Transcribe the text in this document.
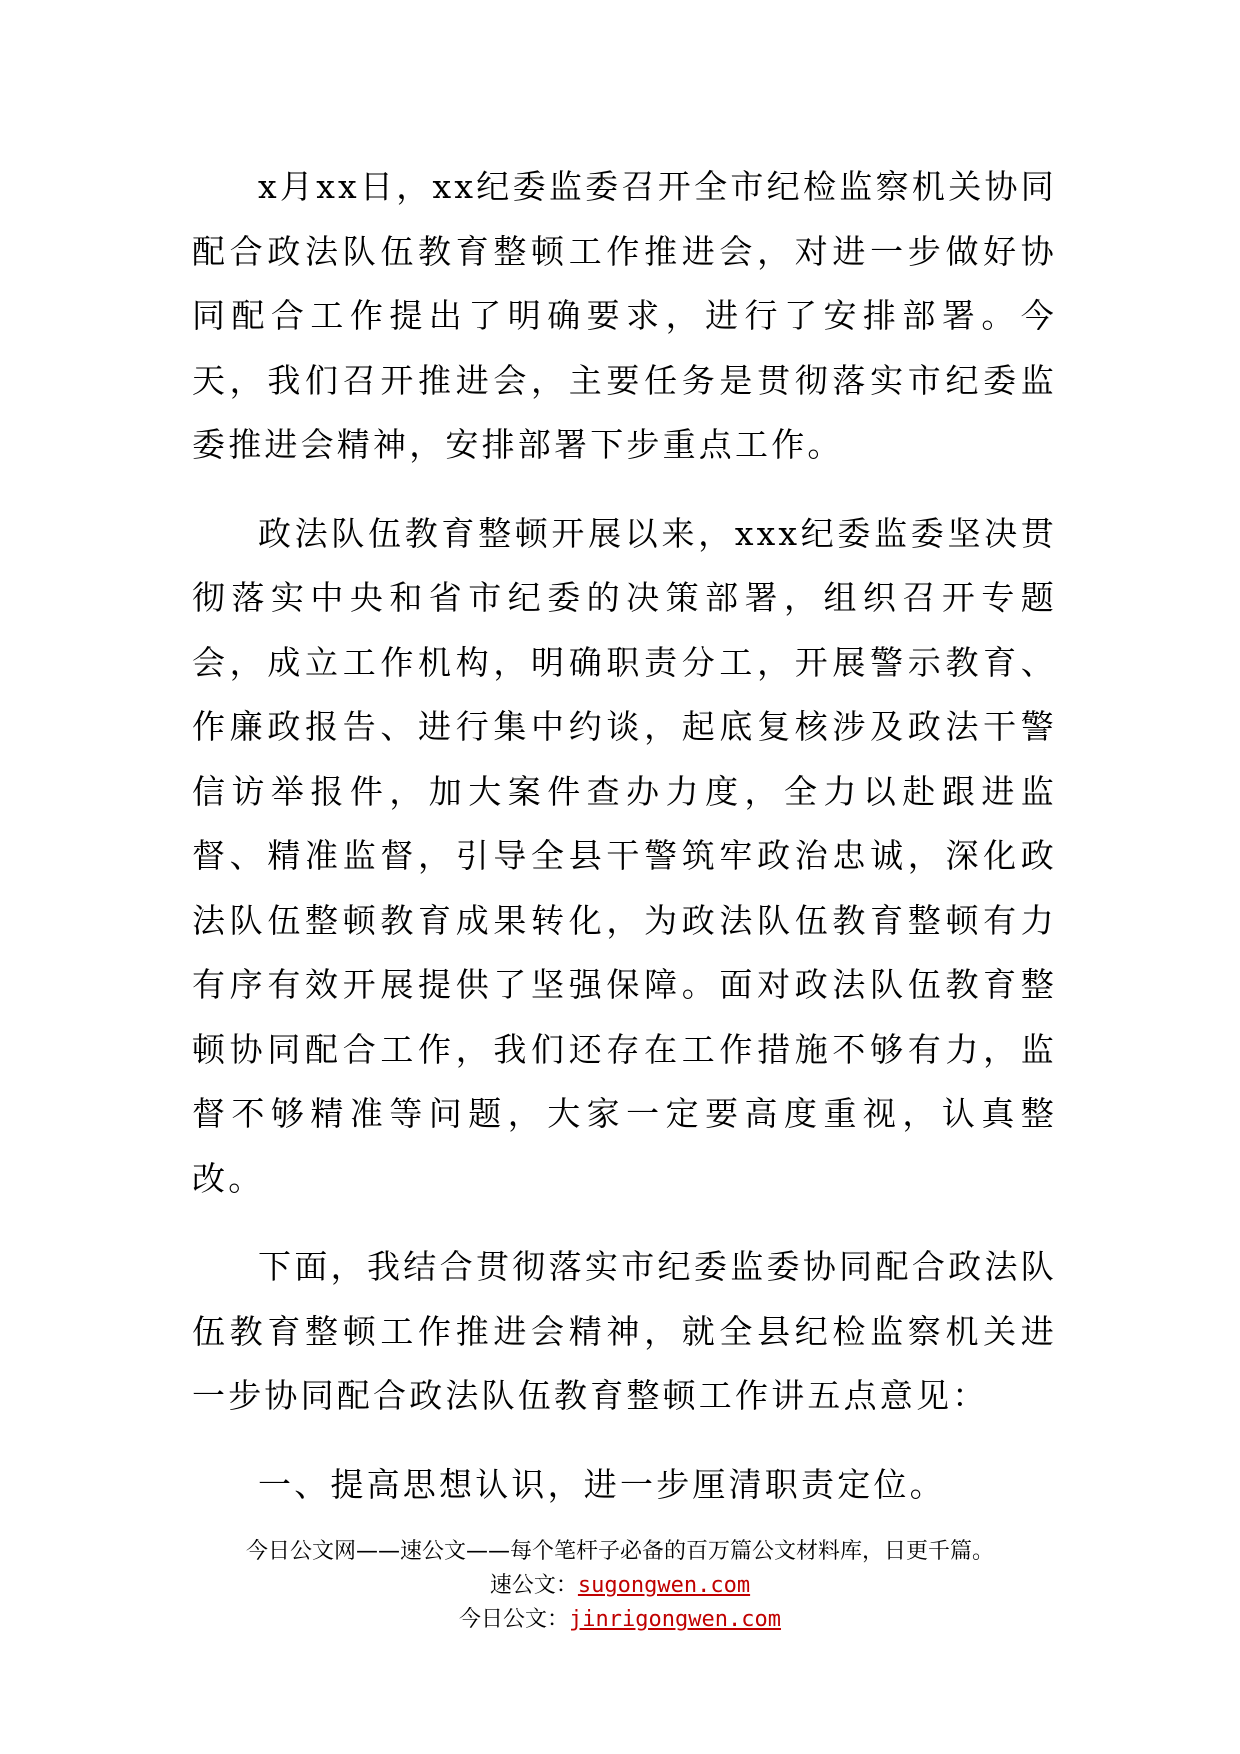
x月xx日，xx纪委监委召开全市纪检监察机关协同配合政法队伍教育整顿工作推进会，对进一步做好协同配合工作提出了明确要求，进行了安排部署。今天，我们召开推进会，主要任务是贯彻落实市纪委监委推进会精神，安排部署下步重点工作。

政法队伍教育整顿开展以来，xxx纪委监委坚决贯彻落实中央和省市纪委的决策部署，组织召开专题会，成立工作机构，明确职责分工，开展警示教育、作廉政报告、进行集中约谈，起底复核涉及政法干警信访举报件，加大案件查办力度，全力以赴跟进监督、精准监督，引导全县干警筑牢政治忠诚，深化政法队伍整顿教育成果转化，为政法队伍教育整顿有力有序有效开展提供了坚强保障。面对政法队伍教育整顿协同配合工作，我们还存在工作措施不够有力，监督不够精准等问题，大家一定要高度重视，认真整改。

下面，我结合贯彻落实市纪委监委协同配合政法队伍教育整顿工作推进会精神，就全县纪检监察机关进一步协同配合政法队伍教育整顿工作讲五点意见：

一、提高思想认识，进一步厘清职责定位。

今日公文网——速公文——每个笔杆子必备的百万篇公文材料库，日更千篇。

速公文：sugongwen.com

今日公文：jinrigongwen.com
